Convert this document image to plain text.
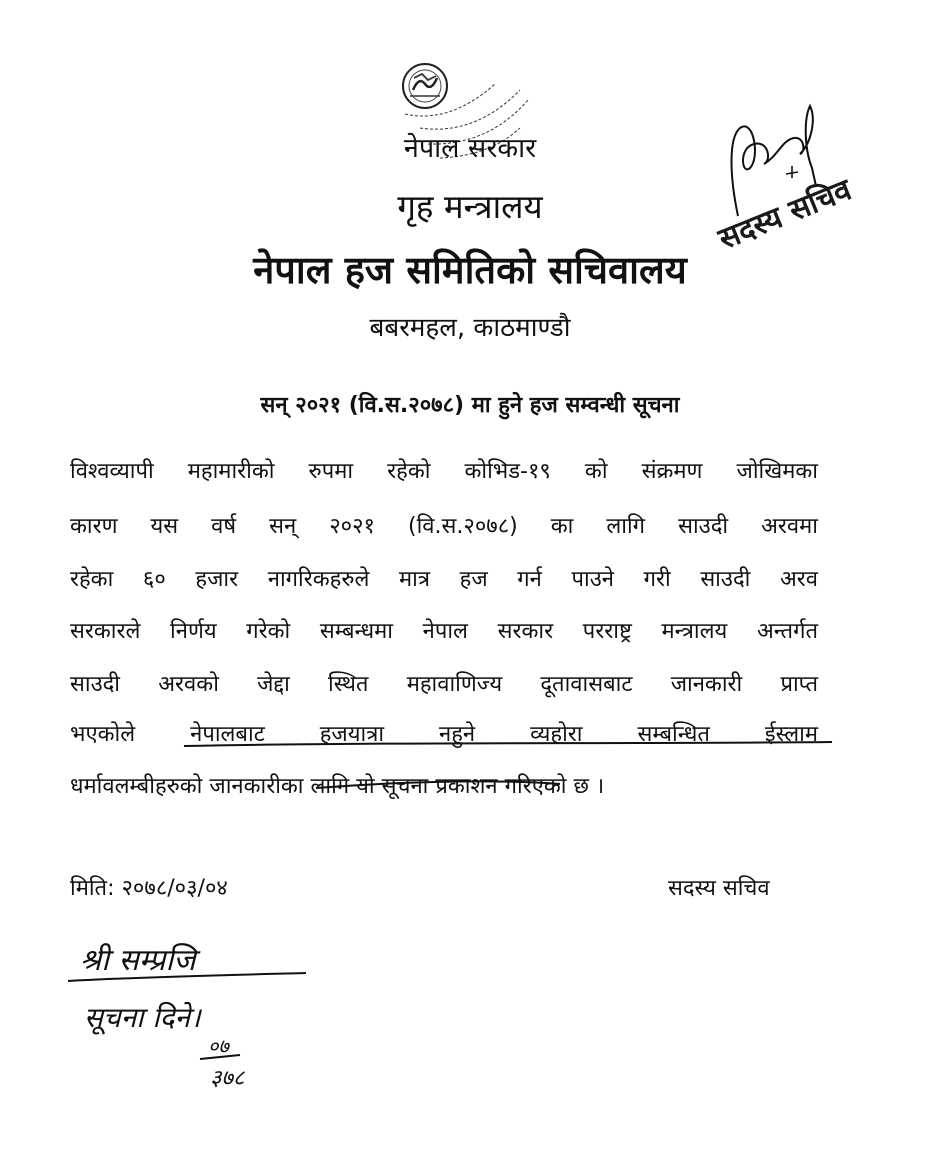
नेपाल सरकार
गृह मन्त्रालय
नेपाल हज समितिको सचिवालय
बबरमहल, काठमाण्डौ
सदस्य सचिव
सन् २०२१ (वि.स.२०७८) मा हुने हज सम्वन्धी सूचना
विश्वव्यापी महामारीको रुपमा रहेको कोभिड-१९ को संक्रमण जोखिमका
कारण यस वर्ष सन् २०२१ (वि.स.२०७८) का लागि साउदी अरवमा
रहेका ६० हजार नागरिकहरुले मात्र हज गर्न पाउने गरी साउदी अरव
सरकारले निर्णय गरेको सम्बन्धमा नेपाल सरकार परराष्ट्र मन्त्रालय अन्तर्गत
साउदी अरवको जेद्दा स्थित महावाणिज्य दूतावासबाट जानकारी प्राप्त
भएकोले नेपालबाट हजयात्रा नहुने व्यहोरा सम्बन्धित ईस्लाम
धर्मावलम्बीहरुको जानकारीका लागि यो सूचना प्रकाशन गरिएको छ ।
मिति: २०७८/०३/०४	सदस्य सचिव
श्री सम्प्रजि
सूचना दिने।
०७
३७८
